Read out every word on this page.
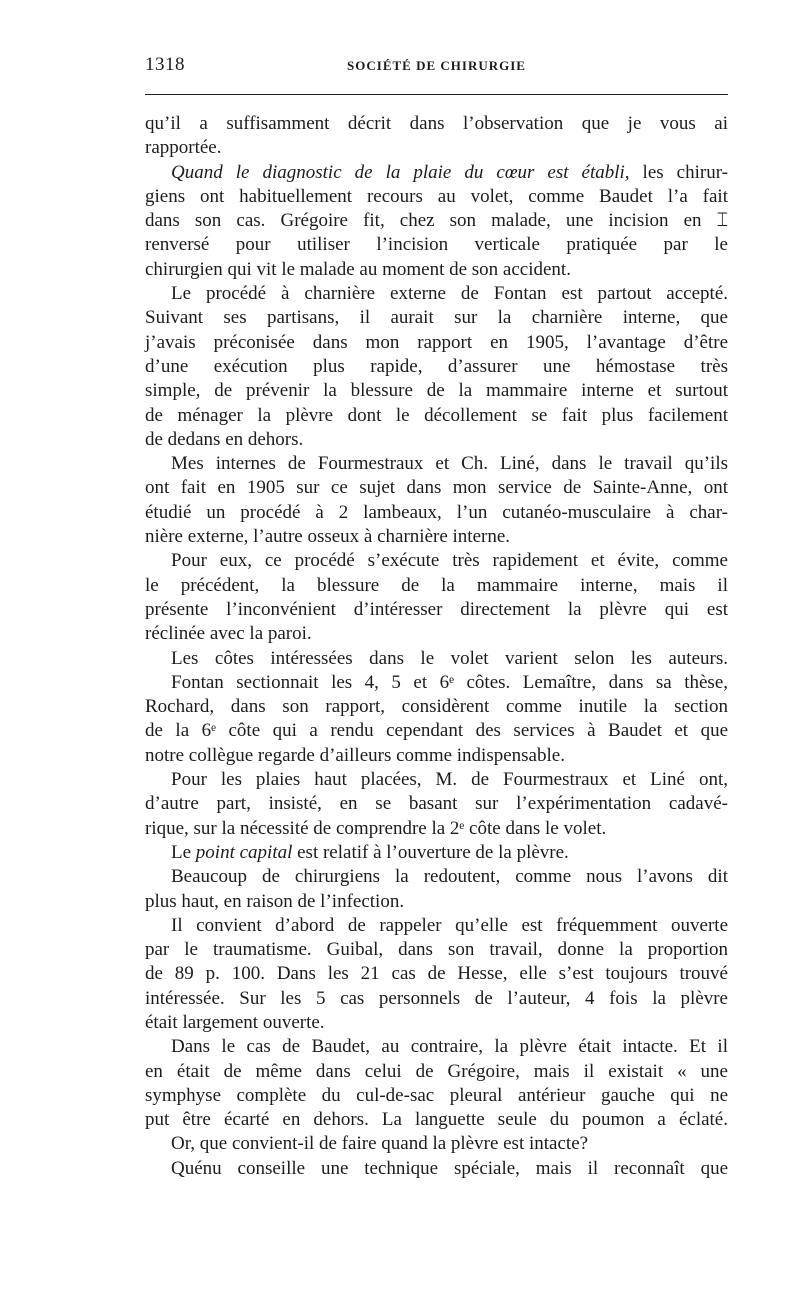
1318	SOCIÉTÉ DE CHIRURGIE

qu’il a suffisamment décrit dans l’observation que je vous ai

rapportée.

Quand le diagnostic de la plaie du cœur est établi, les chirur-

giens ont habituellement recours au volet, comme Baudet l’a fait

dans son cas. Grégoire fit, chez son malade, une incision en ⌶

renversé pour utiliser l’incision verticale pratiquée par le

chirurgien qui vit le malade au moment de son accident.

Le procédé à charnière externe de Fontan est partout accepté.

Suivant ses partisans, il aurait sur la charnière interne, que

j’avais préconisée dans mon rapport en 1905, l’avantage d’être

d’une exécution plus rapide, d’assurer une hémostase très

simple, de prévenir la blessure de la mammaire interne et surtout

de ménager la plèvre dont le décollement se fait plus facilement

de dedans en dehors.

Mes internes de Fourmestraux et Ch. Liné, dans le travail qu’ils

ont fait en 1905 sur ce sujet dans mon service de Sainte-Anne, ont

étudié un procédé à 2 lambeaux, l’un cutanéo-musculaire à char-

nière externe, l’autre osseux à charnière interne.

Pour eux, ce procédé s’exécute très rapidement et évite, comme

le précédent, la blessure de la mammaire interne, mais il

présente l’inconvénient d’intéresser directement la plèvre qui est

réclinée avec la paroi.

Les côtes intéressées dans le volet varient selon les auteurs.

Fontan sectionnait les 4, 5 et 6ᵉ côtes. Lemaître, dans sa thèse,

Rochard, dans son rapport, considèrent comme inutile la section

de la 6ᵉ côte qui a rendu cependant des services à Baudet et que

notre collègue regarde d’ailleurs comme indispensable.

Pour les plaies haut placées, M. de Fourmestraux et Liné ont,

d’autre part, insisté, en se basant sur l’expérimentation cadavé-

rique, sur la nécessité de comprendre la 2ᵉ côte dans le volet.

Le point capital est relatif à l’ouverture de la plèvre.

Beaucoup de chirurgiens la redoutent, comme nous l’avons dit

plus haut, en raison de l’infection.

Il convient d’abord de rappeler qu’elle est fréquemment ouverte

par le traumatisme. Guibal, dans son travail, donne la proportion

de 89 p. 100. Dans les 21 cas de Hesse, elle s’est toujours trouvé

intéressée. Sur les 5 cas personnels de l’auteur, 4 fois la plèvre

était largement ouverte.

Dans le cas de Baudet, au contraire, la plèvre était intacte. Et il

en était de même dans celui de Grégoire, mais il existait « une

symphyse complète du cul-de-sac pleural antérieur gauche qui ne

put être écarté en dehors. La languette seule du poumon a éclaté.

Or, que convient-il de faire quand la plèvre est intacte?

Quénu conseille une technique spéciale, mais il reconnaît que
